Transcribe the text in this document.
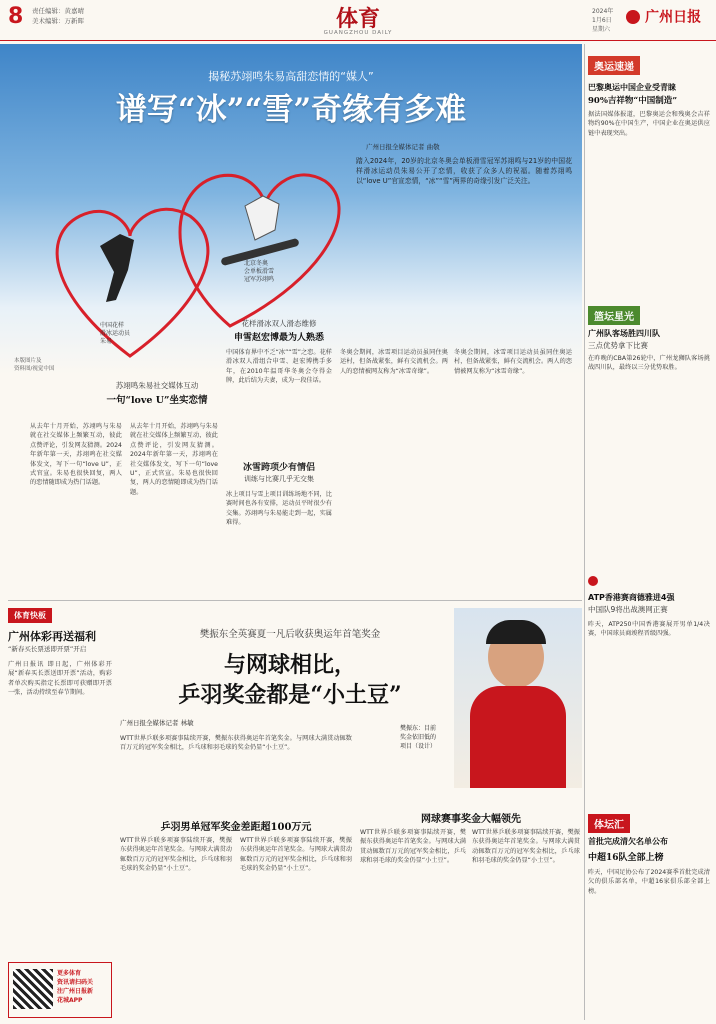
8 责任编辑：黄嘉晴
美术编辑：万新晖	体育
GUANGZHOU DAILY
2024年
1月6日
星期六
广州日报
揭秘苏翊鸣朱易高甜恋情的“媒人”
谱写“冰”“雪”奇缘有多难
中国花样
滑冰运动员
朱易
北京冬奥
会单板滑雪
冠军苏翊鸣
本版图片及
资料图/视觉中国
广州日报全媒体记者 曲敬
踏入2024年，20岁的北京冬奥会单板滑雪冠军苏翊鸣与21岁的中国花样滑冰运动员朱易公开了恋情，收获了众多人的祝福。随着苏翊鸣以“love U”官宣恋情，“冰”“雪”两界的奇缘引发广泛关注。
苏翊鸣朱易社交媒体互动
一句“love U”坐实恋情
从去年十月开始，苏翊鸣与朱易就在社交媒体上频繁互动，彼此点赞评论，引发网友猜测。2024年新年第一天，苏翊鸣在社交媒体发文，写下一句“love U”，正式官宣。朱易也很快回复，两人的恋情随即成为热门话题。
花样滑冰双人滑态维修
申雪赵宏博最为人熟悉
中国体育界中不乏“冰”“雪”之恋。花样滑冰双人滑组合申雪、赵宏博携手多年，在2010年温哥华冬奥会夺得金牌，此后结为夫妻，成为一段佳话。
冰雪跨项少有情侣
训练与比赛几乎无交集
冰上项目与雪上项目训练场地不同，比赛时间也各有安排，运动员平时很少有交集。苏翊鸣与朱易能走到一起，实属难得。
从去年十月开始，苏翊鸣与朱易就在社交媒体上频繁互动，彼此点赞评论，引发网友猜测。2024年新年第一天，苏翊鸣在社交媒体发文，写下一句“love U”，正式官宣。朱易也很快回复，两人的恋情随即成为热门话题。
冬奥会期间，冰雪项目运动员虽同住奥运村，但备战紧张，鲜有交流机会。两人的恋情被网友称为“冰雪奇缘”。
冬奥会期间，冰雪项目运动员虽同住奥运村，但备战紧张，鲜有交流机会。两人的恋情被网友称为“冰雪奇缘”。
体育快板
广州体彩再送福利
“新春买长票送即开票”开启
广州日报讯 即日起，广州体彩开展“新春买长票送即开票”活动，购彩者单次购买指定长票即可获赠即开票一张，活动持续至春节期间。
更多体育
资讯请扫码关
注广州日报新
花城APP
樊振东全英赛夏一凡后收获奥运年首笔奖金
与网球相比，
乒羽奖金都是“小土豆”
广州日报全媒体记者 林敏
WTT世界乒联多项赛事陆续开赛，樊振东获得奥运年首笔奖金。与网球大满贯动辄数百万元的冠军奖金相比，乒乓球和羽毛球的奖金仍显“小土豆”。
樊振东：目前
奖金依旧低的
项目（设计）
乒羽男单冠军奖金差距超100万元
WTT世界乒联多项赛事陆续开赛，樊振东获得奥运年首笔奖金。与网球大满贯动辄数百万元的冠军奖金相比，乒乓球和羽毛球的奖金仍显“小土豆”。
WTT世界乒联多项赛事陆续开赛，樊振东获得奥运年首笔奖金。与网球大满贯动辄数百万元的冠军奖金相比，乒乓球和羽毛球的奖金仍显“小土豆”。
网球赛事奖金大幅领先
WTT世界乒联多项赛事陆续开赛，樊振东获得奥运年首笔奖金。与网球大满贯动辄数百万元的冠军奖金相比，乒乓球和羽毛球的奖金仍显“小土豆”。
WTT世界乒联多项赛事陆续开赛，樊振东获得奥运年首笔奖金。与网球大满贯动辄数百万元的冠军奖金相比，乒乓球和羽毛球的奖金仍显“小土豆”。
奥运速递
巴黎奥运中国企业受青睐
90%吉祥物“中国制造”
据法国媒体报道，巴黎奥运会和残奥会吉祥物约90%在中国生产，中国企业在奥运供应链中表现突出。
篮坛星光
广州队客场胜四川队
三点优势拿下比赛
在昨晚的CBA第26轮中，广州龙狮队客场挑战四川队，最终以三分优势取胜。
ATP香港赛商德雅进4强
中国队9将出战澳网正赛
昨天，ATP250中国香港赛展开男单1/4决赛，中国球员商竣程晋级四强。
体坛汇
首批完成清欠名单公布
中超16队全部上榜
昨天，中国足协公布了2024赛季首批完成清欠的俱乐部名单，中超16家俱乐部全部上榜。
